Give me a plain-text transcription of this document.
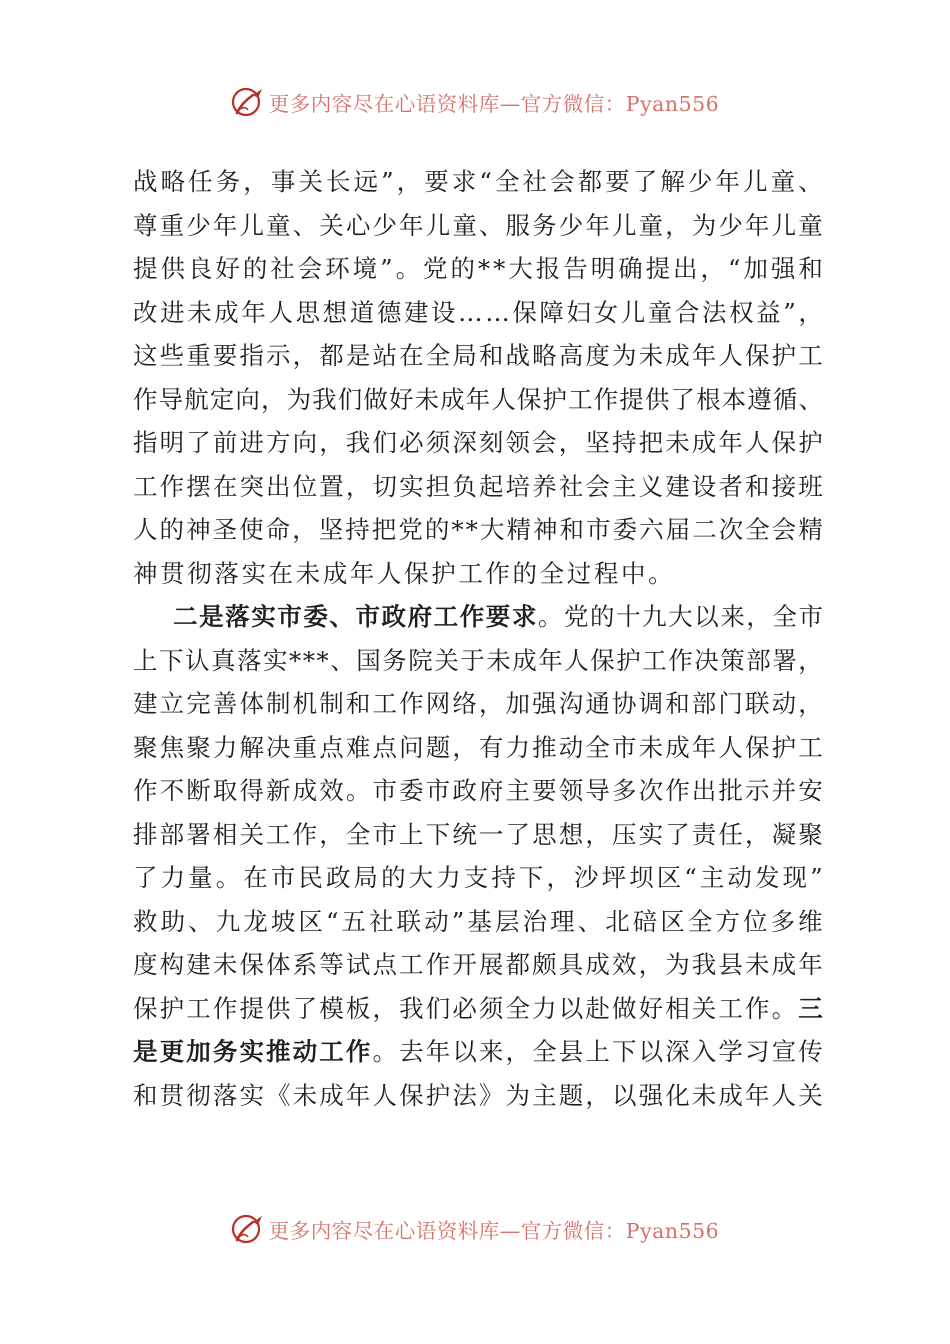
更多内容尽在心语资料库—官方微信：Pyan556
战 略 任 务 ， 事 关 长 远 ” ， 要 求 “ 全 社 会 都 要 了 解 少 年 儿 童 、
尊 重 少 年 儿 童 、 关 心 少 年 儿 童 、 服 务 少 年 儿 童 ， 为 少 年 儿 童
提 供 良 好 的 社 会 环 境 ” 。 党 的 * * 大 报 告 明 确 提 出 ， “ 加 强 和
改 进 未 成 年 人 思 想 道 德 建 设 … … 保 障 妇 女 儿 童 合 法 权 益 ” ，
这 些 重 要 指 示 ， 都 是 站 在 全 局 和 战 略 高 度 为 未 成 年 人 保 护 工
作 导 航 定 向 ， 为 我 们 做 好 未 成 年 人 保 护 工 作 提 供 了 根 本 遵 循 、
指 明 了 前 进 方 向 ， 我 们 必 须 深 刻 领 会 ， 坚 持 把 未 成 年 人 保 护
工 作 摆 在 突 出 位 置 ， 切 实 担 负 起 培 养 社 会 主 义 建 设 者 和 接 班
人 的 神 圣 使 命 ， 坚 持 把 党 的 * * 大 精 神 和 市 委 六 届 二 次 全 会 精
神 贯 彻 落 实 在 未 成 年 人 保 护 工 作 的 全 过 程 中 。
二 是 落 实 市 委 、 市 政 府 工 作 要 求 。 党 的 十 九 大 以 来 ， 全 市
上 下 认 真 落 实 * * * 、 国 务 院 关 于 未 成 年 人 保 护 工 作 决 策 部 署 ，
建 立 完 善 体 制 机 制 和 工 作 网 络 ， 加 强 沟 通 协 调 和 部 门 联 动 ，
聚 焦 聚 力 解 决 重 点 难 点 问 题 ， 有 力 推 动 全 市 未 成 年 人 保 护 工
作 不 断 取 得 新 成 效 。 市 委 市 政 府 主 要 领 导 多 次 作 出 批 示 并 安
排 部 署 相 关 工 作 ， 全 市 上 下 统 一 了 思 想 ， 压 实 了 责 任 ， 凝 聚
了 力 量 。 在 市 民 政 局 的 大 力 支 持 下 ， 沙 坪 坝 区 “ 主 动 发 现 ”
救 助 、 九 龙 坡 区 “ 五 社 联 动 ” 基 层 治 理 、 北 碚 区 全 方 位 多 维
度 构 建 未 保 体 系 等 试 点 工 作 开 展 都 颇 具 成 效 ， 为 我 县 未 成 年
保 护 工 作 提 供 了 模 板 ， 我 们 必 须 全 力 以 赴 做 好 相 关 工 作 。 三
是 更 加 务 实 推 动 工 作 。 去 年 以 来 ， 全 县 上 下 以 深 入 学 习 宣 传
和 贯 彻 落 实 《 未 成 年 人 保 护 法 》 为 主 题 ， 以 强 化 未 成 年 人 关
更多内容尽在心语资料库—官方微信：Pyan556
